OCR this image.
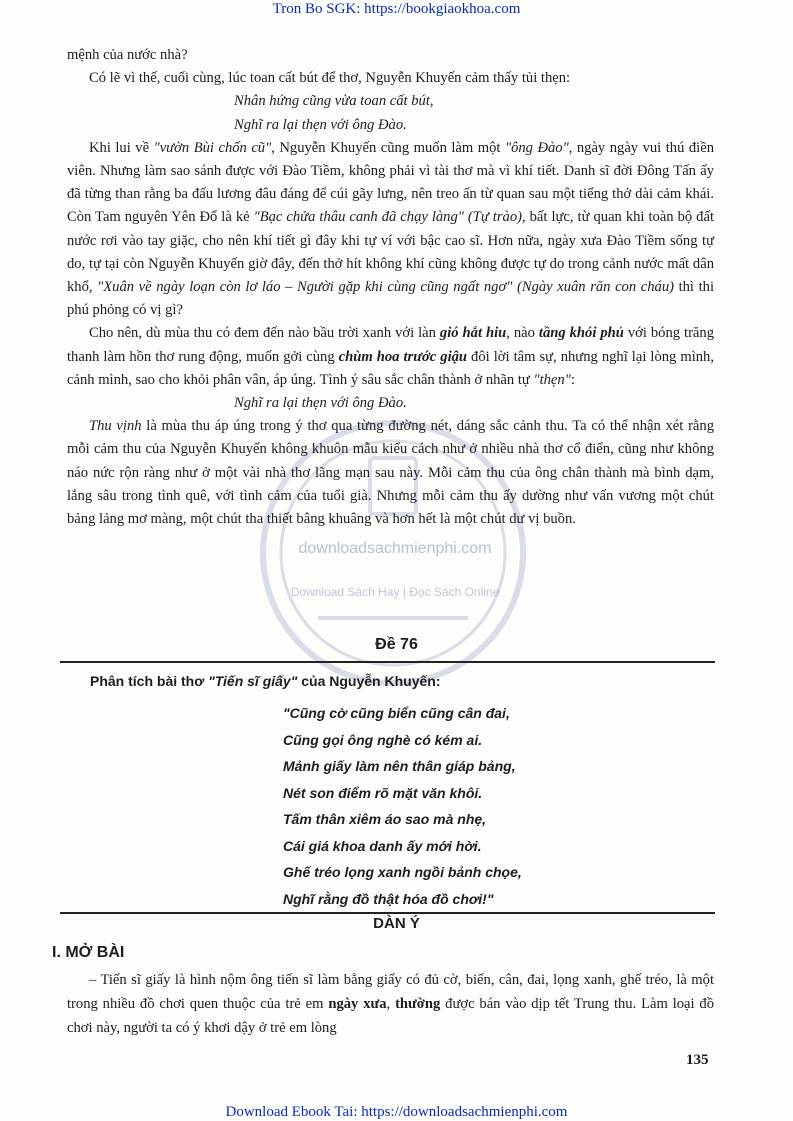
Tron Bo SGK: https://bookgiaokhoa.com
downloadsachmienphi.com
Download Sách Hay | Đọc Sách Online

mệnh của nước nhà?

Có lẽ vì thế, cuối cùng, lúc toan cất bút để thơ, Nguyễn Khuyến cảm thấy tủi thẹn:

Nhân hứng cũng vừa toan cất bút,

Nghĩ ra lại thẹn với ông Đào.

Khi lui về "vườn Bùi chốn cũ", Nguyễn Khuyến cũng muốn làm một "ông Đào", ngày ngày vui thú điền viên. Nhưng làm sao sánh được với Đào Tiềm, không phải vì tài thơ mà vì khí tiết. Danh sĩ đời Đông Tấn ấy đã từng than rằng ba đấu lương đâu đáng để cúi gãy lưng, nên treo ấn từ quan sau một tiếng thở dài cảm khái. Còn Tam nguyên Yên Đổ là kẻ "Bạc chửa thâu canh đã chạy làng" (Tự trào), bất lực, từ quan khi toàn bộ đất nước rơi vào tay giặc, cho nên khí tiết gì đây khi tự ví với bậc cao sĩ. Hơn nữa, ngày xưa Đào Tiềm sống tự do, tự tại còn Nguyễn Khuyến giờ đây, đến thở hít không khí cũng không được tự do trong cảnh nước mất dân khổ, "Xuân về ngày loạn còn lơ láo – Người gặp khi cùng cũng ngất ngơ" (Ngày xuân răn con cháu) thì thi phú phỏng có vị gì?

Cho nên, dù mùa thu có đem đến nào bầu trời xanh với làn gió hắt hiu, nào tầng khói phủ với bóng trăng thanh làm hồn thơ rung động, muốn gởi cùng chùm hoa trước giậu đôi lời tâm sự, nhưng nghĩ lại lòng mình, cảnh mình, sao cho khỏi phân vân, áp úng. Tình ý sâu sắc chân thành ở nhãn tự "thẹn":

Nghĩ ra lại thẹn với ông Đào.

Thu vịnh là mùa thu áp úng trong ý thơ qua từng đường nét, dáng sắc cảnh thu. Ta có thể nhận xét rằng mỗi cảm thu của Nguyễn Khuyến không khuôn mẫu kiểu cách như ở nhiều nhà thơ cổ điển, cũng như không náo nức rộn ràng như ở một vài nhà thơ lãng mạn sau này. Mỗi cảm thu của ông chân thành mà bình dạm, lắng sâu trong tình quê, với tình cảm của tuổi già. Nhưng mỗi cảm thu ấy dường như vấn vương một chút bảng lảng mơ màng, một chút tha thiết bâng khuâng và hơn hết là một chút dư vị buồn.

Đề 76
Phân tích bài thơ "Tiến sĩ giấy" của Nguyễn Khuyến:
"Cũng cờ cũng biển cũng cân đai,
Cũng gọi ông nghè có kém ai.
Mảnh giấy làm nên thân giáp bảng,
Nét son điểm rõ mặt văn khôi.
Tấm thân xiêm áo sao mà nhẹ,
Cái giá khoa danh ấy mới hời.
Ghế tréo lọng xanh ngồi bảnh chọe,
Nghĩ rằng đồ thật hóa đồ chơi!"
DÀN Ý
I. MỞ BÀI

– Tiến sĩ giấy là hình nộm ông tiến sĩ làm bằng giấy có đủ cờ, biển, cân, đai, lọng xanh, ghế tréo, là một trong nhiều đồ chơi quen thuộc của trẻ em ngày xưa, thường được bán vào dịp tết Trung thu. Làm loại đồ chơi này, người ta có ý khơi dậy ở trẻ em lòng

135
Download Ebook Tai: https://downloadsachmienphi.com
